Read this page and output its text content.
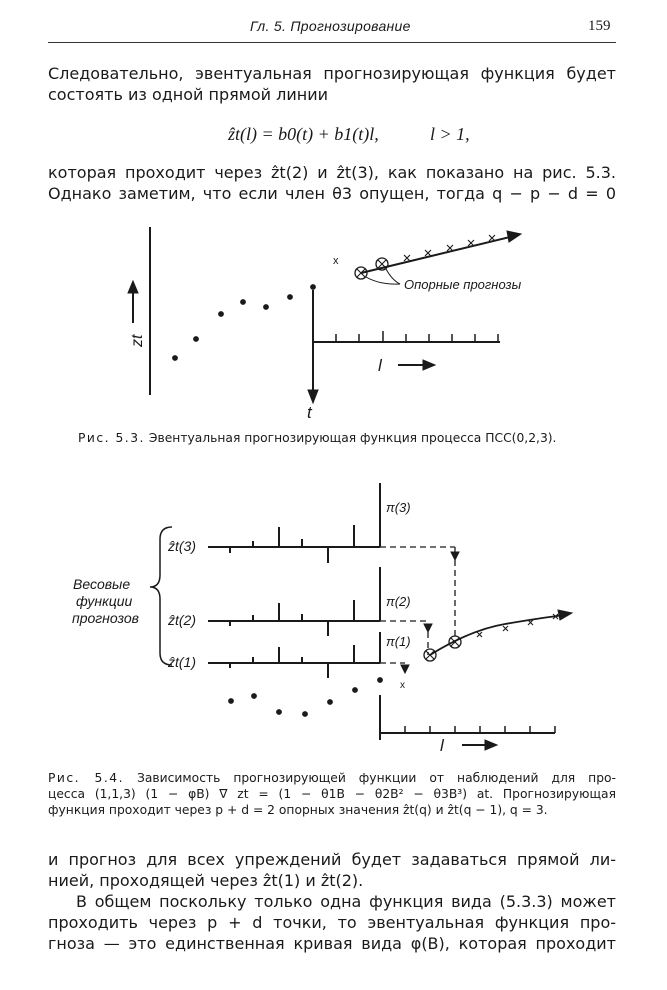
Гл. 5. Прогнозирование	159
Следовательно, эвентуальная прогнозирующая функция будет
состоять из одной прямой линии
ẑt(l) = b0(t) + b1(t)l,	l > 1,
которая проходит через ẑt(2) и ẑt(3), как показано на рис. 5.3.
Однако заметим, что если член θ3 опущен, тогда q − p − d = 0
x
Опорные прогнозы
zt
t
l
Рис. 5.3. Эвентуальная прогнозирующая функция процесса ПСС(0,2,3).
Весовые
функции
прогнозов
ẑt(3)
ẑt(2)
ẑt(1)
π(3)
π(2)
π(1)
x
l
Рис. 5.4. Зависимость прогнозирующей функции от наблюдений для про-
цесса (1,1,3) (1 − φB) ∇ zt = (1 − θ1B − θ2B² − θ3B³) at. Прогнозирующая
функция проходит через p + d = 2 опорных значения ẑt(q) и ẑt(q − 1), q = 3.
и прогноз для всех упреждений будет задаваться прямой ли-
нией, проходящей через ẑt(1) и ẑt(2).
В общем поскольку только одна функция вида (5.3.3) может
проходить через p + d точки, то эвентуальная функция про-
гноза — это единственная кривая вида φ(B), которая проходит
